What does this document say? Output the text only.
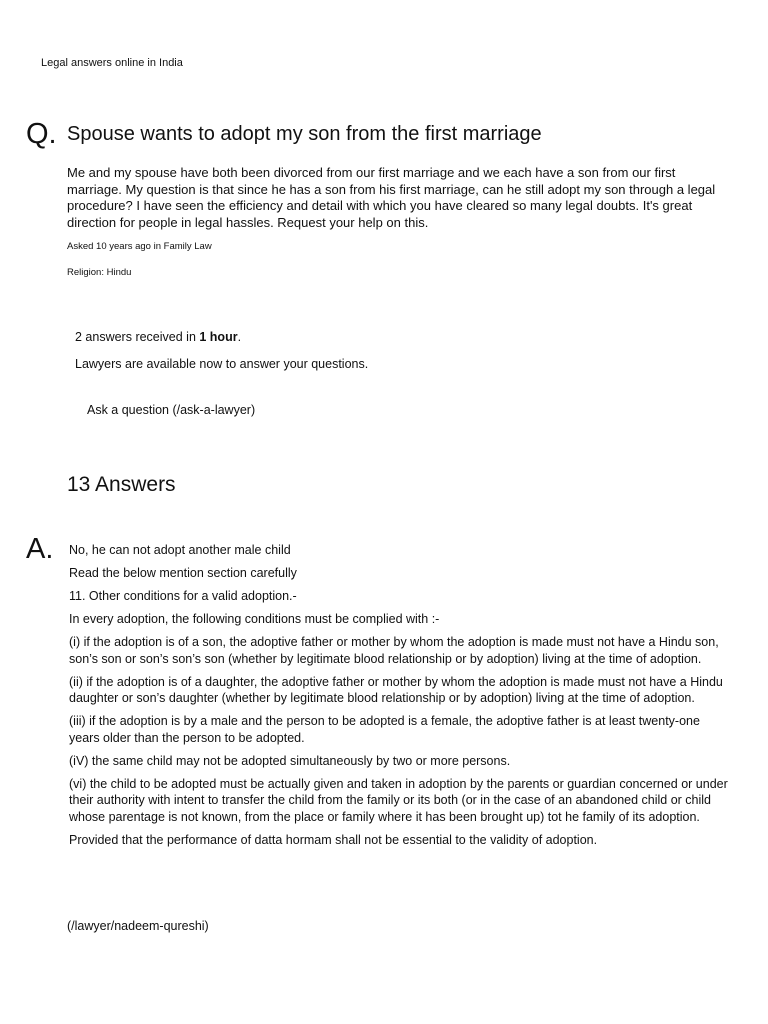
Legal answers online in India
Q. Spouse wants to adopt my son from the first marriage
Me and my spouse have both been divorced from our first marriage and we each have a son from our first marriage. My question is that since he has a son from his first marriage, can he still adopt my son through a legal procedure? I have seen the efficiency and detail with which you have cleared so many legal doubts. It's great direction for people in legal hassles. Request your help on this.
Asked 10 years ago in Family Law
Religion: Hindu
2 answers received in 1 hour.
Lawyers are available now to answer your questions.
Ask a question (/ask-a-lawyer)
13 Answers
A. No, he can not adopt another male child

Read the below mention section carefully

11. Other conditions for a valid adoption.-

In every adoption, the following conditions must be complied with :-

(i) if the adoption is of a son, the adoptive father or mother by whom the adoption is made must not have a Hindu son, son’s son or son’s son’s son (whether by legitimate blood relationship or by adoption) living at the time of adoption.

(ii) if the adoption is of a daughter, the adoptive father or mother by whom the adoption is made must not have a Hindu daughter or son’s daughter (whether by legitimate blood relationship or by adoption) living at the time of adoption.

(iii) if the adoption is by a male and the person to be adopted is a female, the adoptive father is at least twenty-one years older than the person to be adopted.

(iV) the same child may not be adopted simultaneously by two or more persons.

(vi) the child to be adopted must be actually given and taken in adoption by the parents or guardian concerned or under their authority with intent to transfer the child from the family or its both (or in the case of an abandoned child or child whose parentage is not known, from the place or family where it has been brought up) tot he family of its adoption.

Provided that the performance of datta hormam shall not be essential to the validity of adoption.

(/lawyer/nadeem-qureshi)
